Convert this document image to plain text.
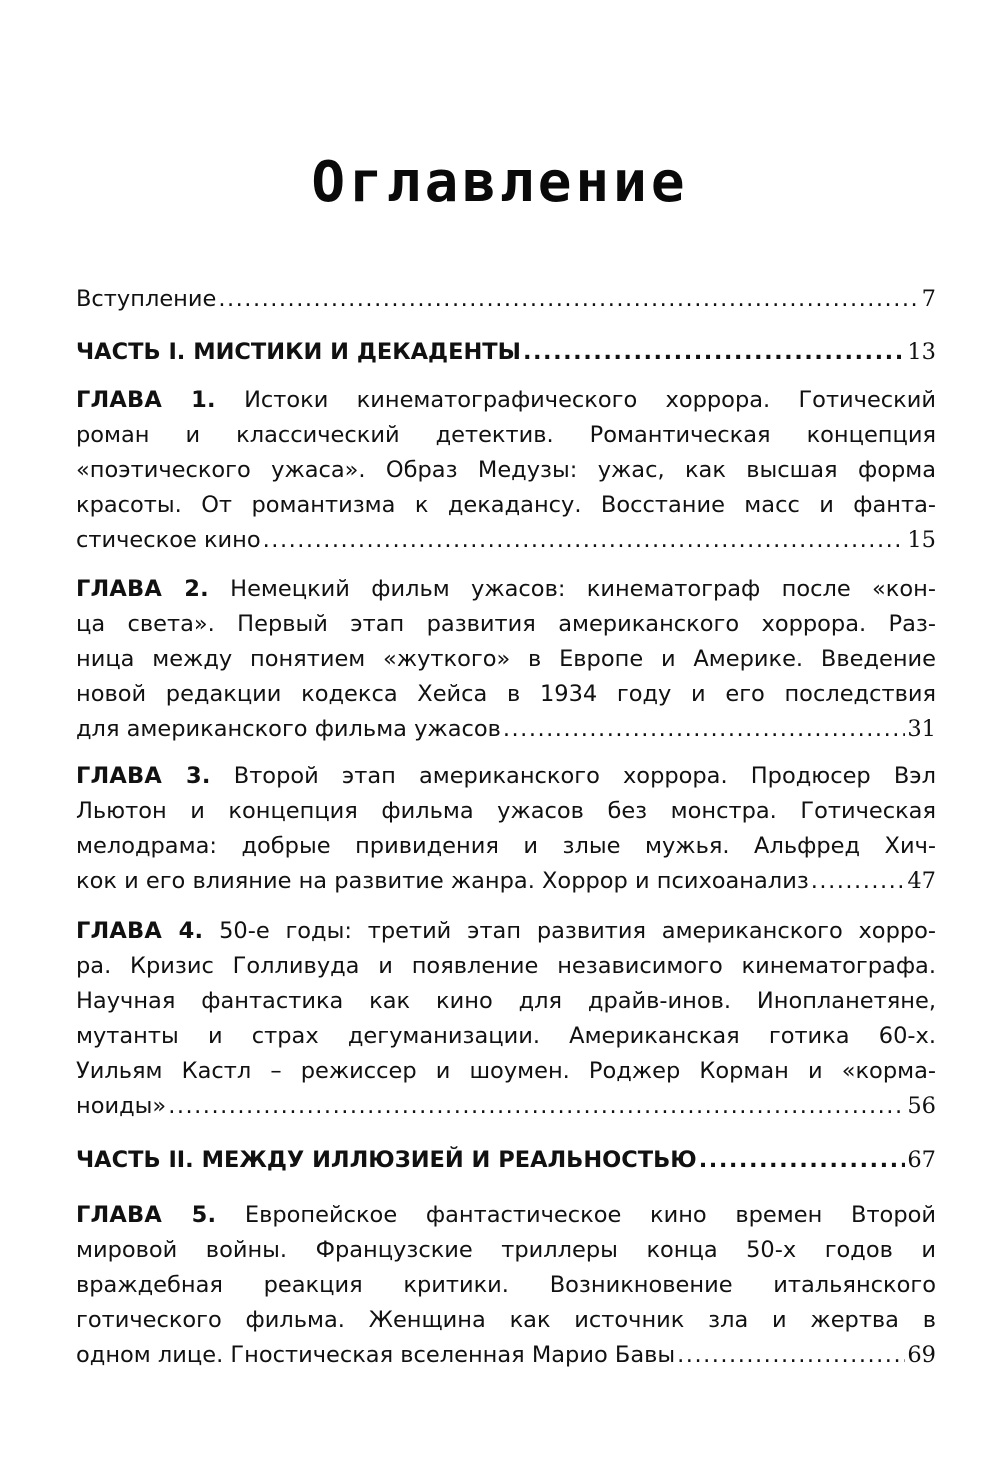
Оглавление
Вступление .....	7
ЧАСТЬ I. МИСТИКИ И ДЕКАДЕНТЫ .....	13
ГЛАВА 1. Истоки кинематографического хоррора. Готический
роман и классический детектив. Романтическая концепция
«поэтического ужаса». Образ Медузы: ужас, как высшая форма
красоты. От романтизма к декадансу. Восстание масс и фанта-
стическое кино .....	15
ГЛАВА 2. Немецкий фильм ужасов: кинематограф после «кон-
ца света». Первый этап развития американского хоррора. Раз-
ница между понятием «жуткого» в Европе и Америке. Введение
новой редакции кодекса Хейса в 1934 году и его последствия
для американского фильма ужасов .....	31
ГЛАВА 3. Второй этап американского хоррора. Продюсер Вэл
Льютон и концепция фильма ужасов без монстра. Готическая
мелодрама: добрые привидения и злые мужья. Альфред Хич-
кок и его влияние на развитие жанра. Хоррор и психоанализ .....	47
ГЛАВА 4. 50-е годы: третий этап развития американского хорро-
ра. Кризис Голливуда и появление независимого кинематографа.
Научная фантастика как кино для драйв-инов. Инопланетяне,
мутанты и страх дегуманизации. Американская готика 60-х.
Уильям Кастл – режиссер и шоумен. Роджер Корман и «корма-
ноиды» .....	56
ЧАСТЬ II. МЕЖДУ ИЛЛЮЗИЕЙ И РЕАЛЬНОСТЬЮ .....	67
ГЛАВА 5. Европейское фантастическое кино времен Второй
мировой войны. Французские триллеры конца 50-х годов и
враждебная реакция критики. Возникновение итальянского
готического фильма. Женщина как источник зла и жертва в
одном лице. Гностическая вселенная Марио Бавы .....	69
